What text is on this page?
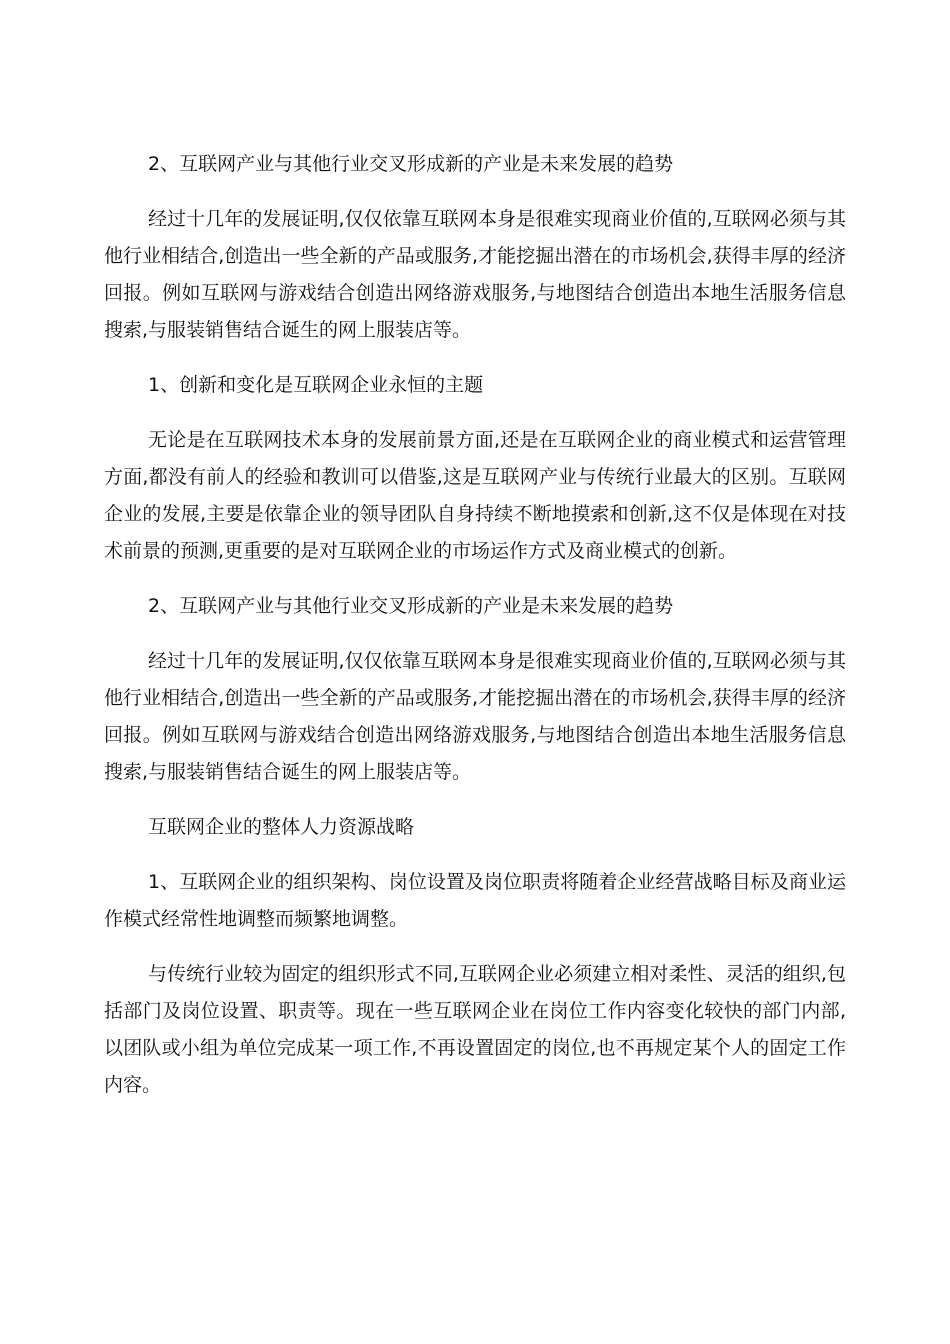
2、互联网产业与其他行业交叉形成新的产业是未来发展的趋势

经过十几年的发展证明,仅仅依靠互联网本身是很难实现商业价值的,互联网必须与其他行业相结合,创造出一些全新的产品或服务,才能挖掘出潜在的市场机会,获得丰厚的经济回报。例如互联网与游戏结合创造出网络游戏服务,与地图结合创造出本地生活服务信息搜索,与服装销售结合诞生的网上服装店等。

1、创新和变化是互联网企业永恒的主题

无论是在互联网技术本身的发展前景方面,还是在互联网企业的商业模式和运营管理方面,都没有前人的经验和教训可以借鉴,这是互联网产业与传统行业最大的区别。互联网企业的发展,主要是依靠企业的领导团队自身持续不断地摸索和创新,这不仅是体现在对技术前景的预测,更重要的是对互联网企业的市场运作方式及商业模式的创新。

2、互联网产业与其他行业交叉形成新的产业是未来发展的趋势

经过十几年的发展证明,仅仅依靠互联网本身是很难实现商业价值的,互联网必须与其他行业相结合,创造出一些全新的产品或服务,才能挖掘出潜在的市场机会,获得丰厚的经济回报。例如互联网与游戏结合创造出网络游戏服务,与地图结合创造出本地生活服务信息搜索,与服装销售结合诞生的网上服装店等。

互联网企业的整体人力资源战略

1、互联网企业的组织架构、岗位设置及岗位职责将随着企业经营战略目标及商业运作模式经常性地调整而频繁地调整。

与传统行业较为固定的组织形式不同,互联网企业必须建立相对柔性、灵活的组织,包括部门及岗位设置、职责等。现在一些互联网企业在岗位工作内容变化较快的部门内部,以团队或小组为单位完成某一项工作,不再设置固定的岗位,也不再规定某个人的固定工作内容。
